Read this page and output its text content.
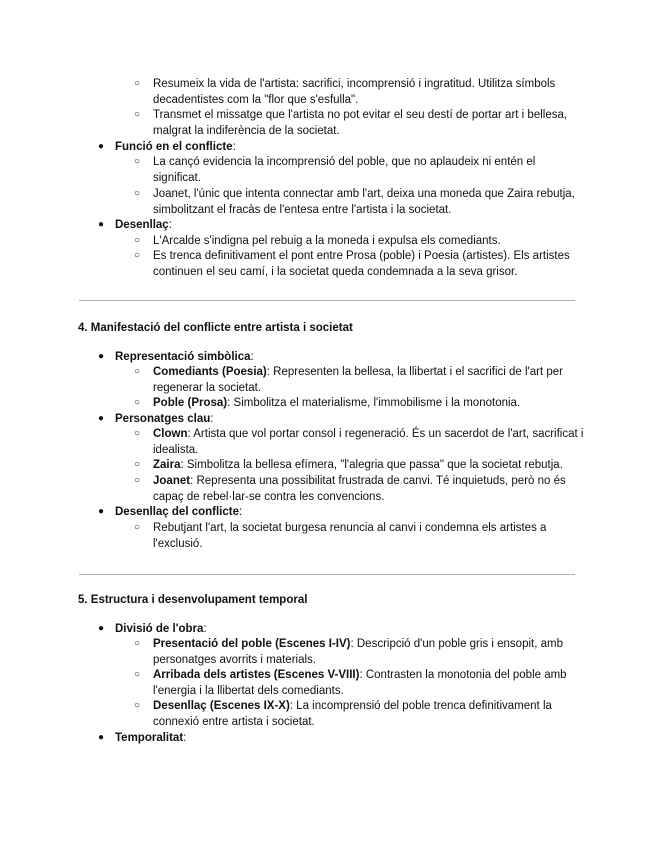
○ Resumeix la vida de l'artista: sacrifici, incomprensió i ingratitud. Utilitza símbols decadentistes com la "flor que s'esfulla".
○ Transmet el missatge que l'artista no pot evitar el seu destí de portar art i bellesa, malgrat la indiferència de la societat.
● Funció en el conflicte:
○ La cançó evidencia la incomprensió del poble, que no aplaudeix ni entén el significat.
○ Joanet, l'únic que intenta connectar amb l'art, deixa una moneda que Zaira rebutja, simbolitzant el fracàs de l'entesa entre l'artista i la societat.
● Desenllaç:
○ L'Arcalde s'indigna pel rebuig a la moneda i expulsa els comediants.
○ Es trenca definitivament el pont entre Prosa (poble) i Poesia (artistes). Els artistes continuen el seu camí, i la societat queda condemnada a la seva grisor.
4. Manifestació del conflicte entre artista i societat
● Representació simbòlica:
○ Comediants (Poesia): Representen la bellesa, la llibertat i el sacrifici de l'art per regenerar la societat.
○ Poble (Prosa): Simbolitza el materialisme, l'immobilisme i la monotonia.
● Personatges clau:
○ Clown: Artista que vol portar consol i regeneració. És un sacerdot de l'art, sacrificat i idealista.
○ Zaira: Simbolitza la bellesa efímera, "l'alegria que passa" que la societat rebutja.
○ Joanet: Representa una possibilitat frustrada de canvi. Té inquietuds, però no és capaç de rebel·lar-se contra les convencions.
● Desenllaç del conflicte:
○ Rebutjant l'art, la societat burgesa renuncia al canvi i condemna els artistes a l'exclusió.
5. Estructura i desenvolupament temporal
● Divisió de l'obra:
○ Presentació del poble (Escenes I-IV): Descripció d'un poble gris i ensopit, amb personatges avorrits i materials.
○ Arribada dels artistes (Escenes V-VIII): Contrasten la monotonia del poble amb l'energia i la llibertat dels comediants.
○ Desenllaç (Escenes IX-X): La incomprensió del poble trenca definitivament la connexió entre artista i societat.
● Temporalitat:
